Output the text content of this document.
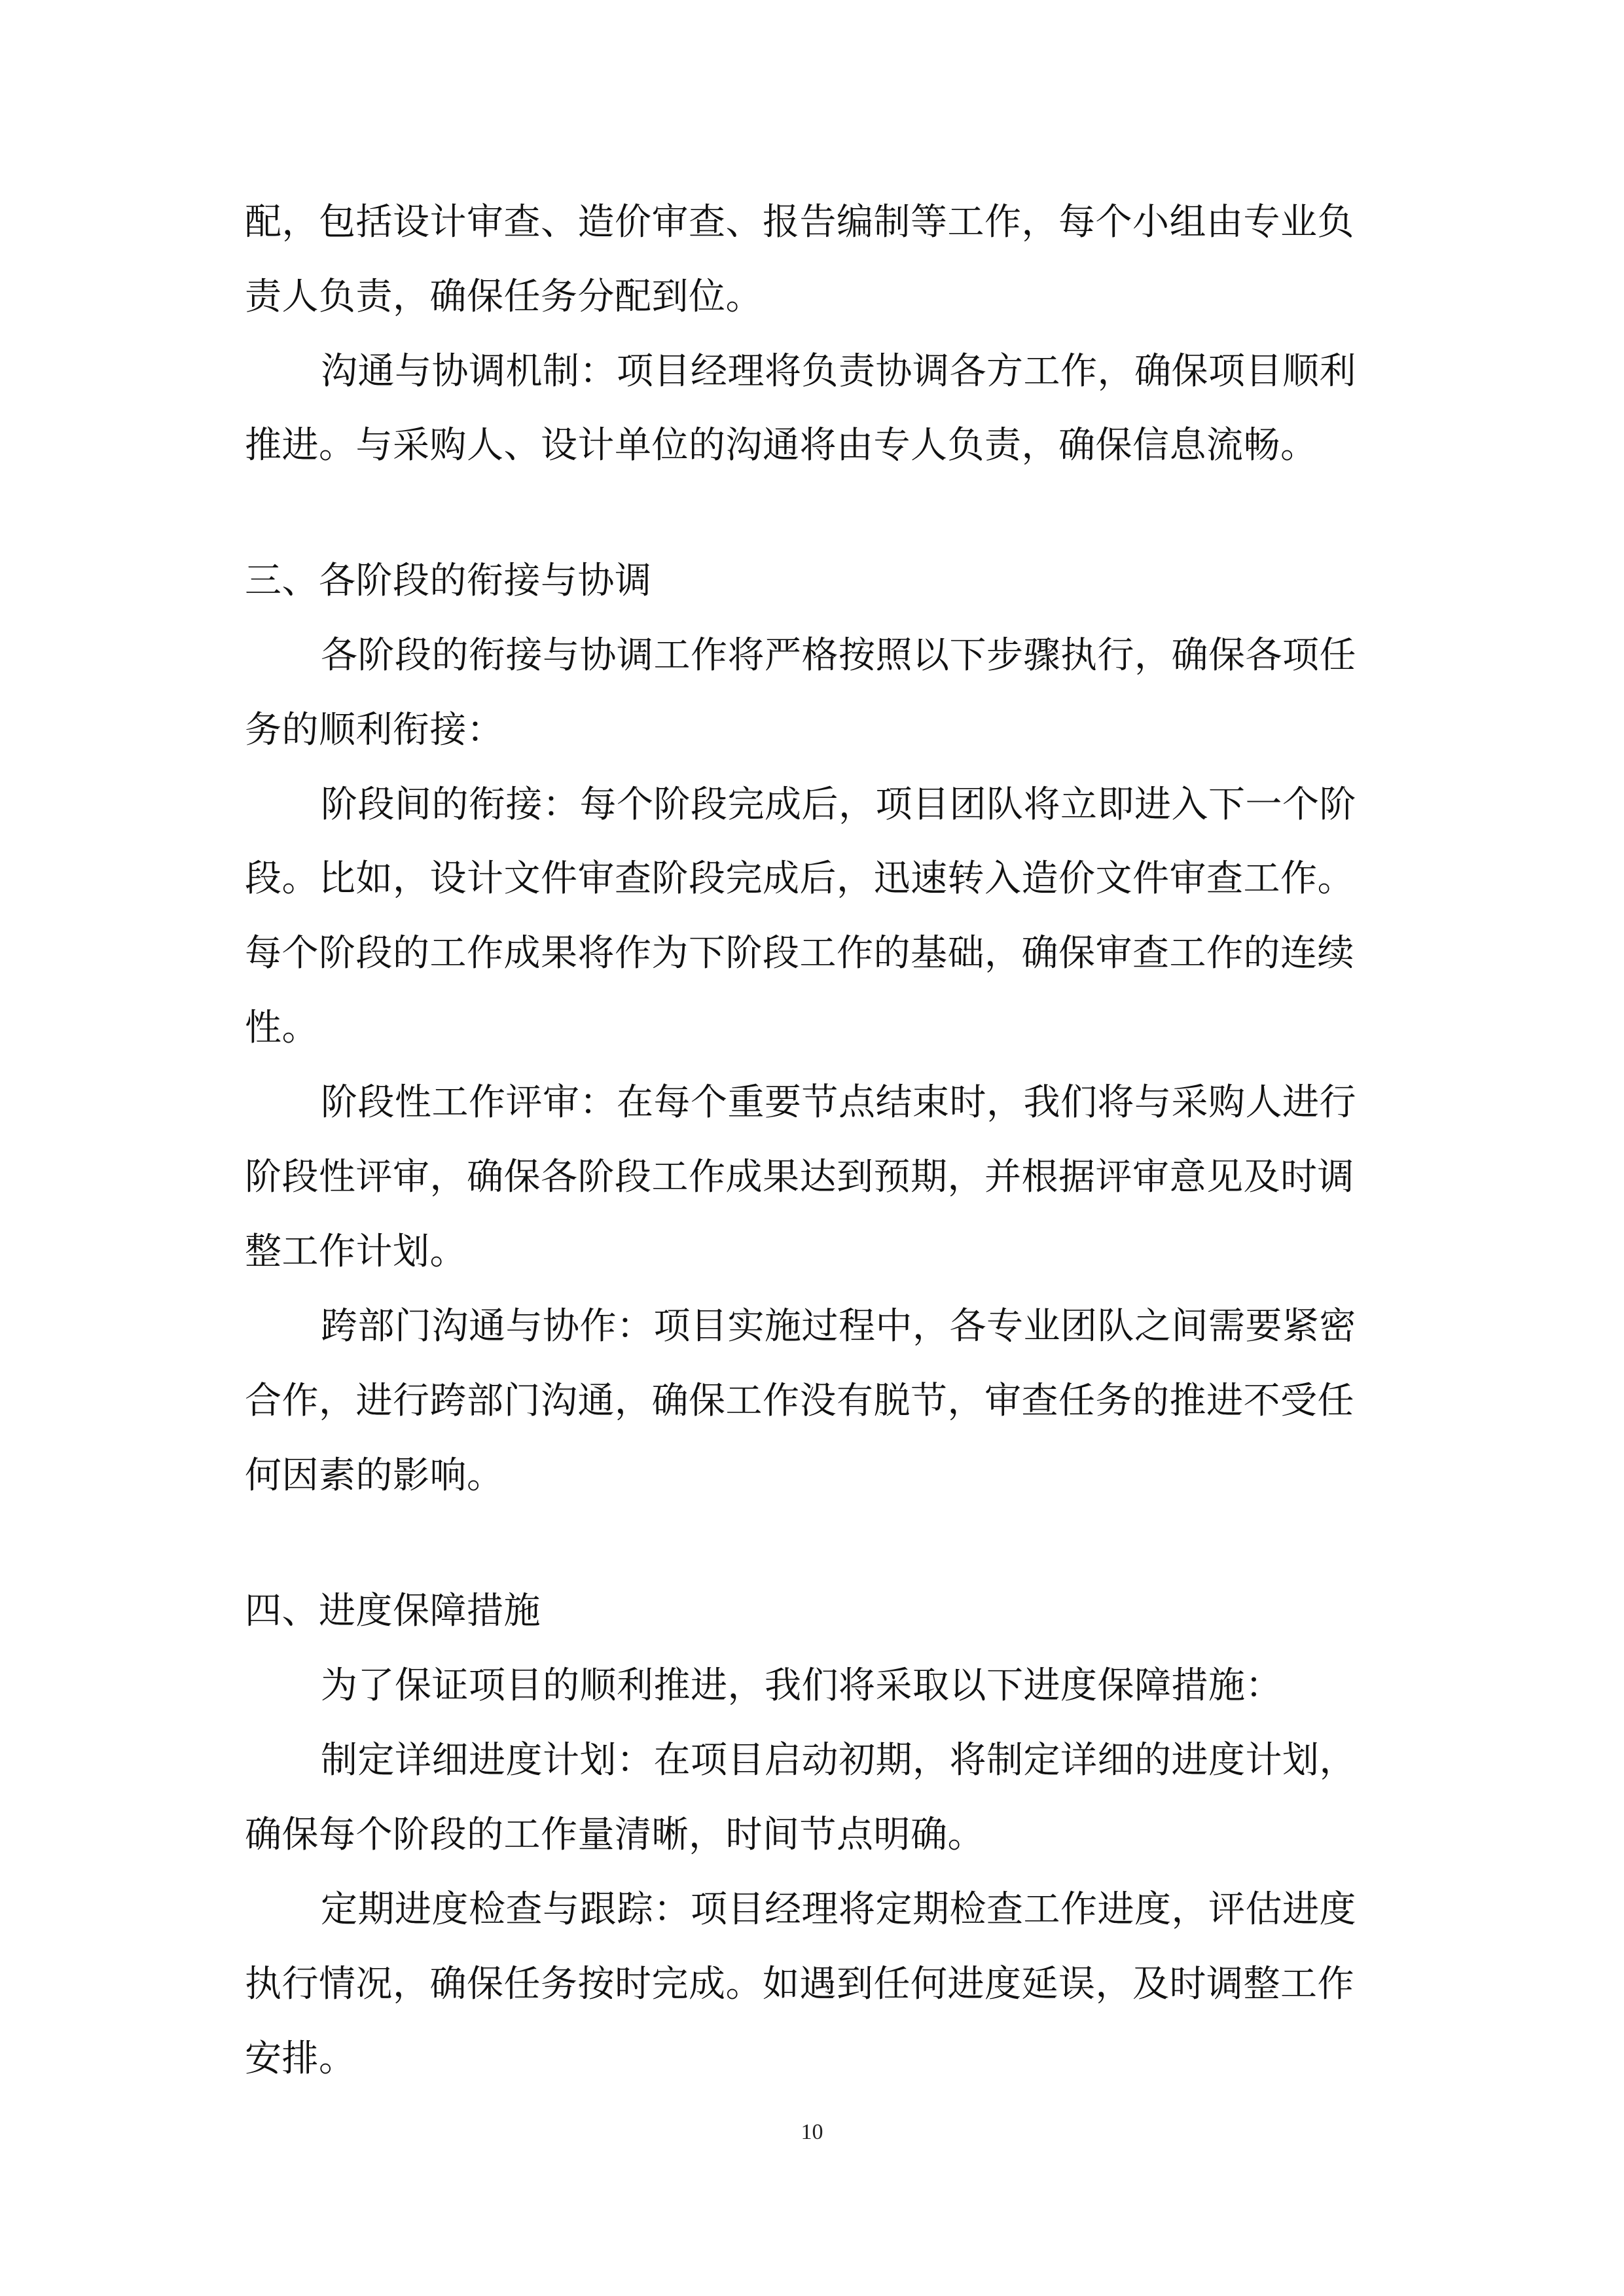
配，包括设计审查、造价审查、报告编制等工作，每个小组由专业负
责人负责，确保任务分配到位。
沟通与协调机制：项目经理将负责协调各方工作，确保项目顺利
推进。与采购人、设计单位的沟通将由专人负责，确保信息流畅。
三、各阶段的衔接与协调
各阶段的衔接与协调工作将严格按照以下步骤执行，确保各项任
务的顺利衔接：
阶段间的衔接：每个阶段完成后，项目团队将立即进入下一个阶
段。比如，设计文件审查阶段完成后，迅速转入造价文件审查工作。
每个阶段的工作成果将作为下阶段工作的基础，确保审查工作的连续
性。
阶段性工作评审：在每个重要节点结束时，我们将与采购人进行
阶段性评审，确保各阶段工作成果达到预期，并根据评审意见及时调
整工作计划。
跨部门沟通与协作：项目实施过程中，各专业团队之间需要紧密
合作，进行跨部门沟通，确保工作没有脱节，审查任务的推进不受任
何因素的影响。
四、进度保障措施
为了保证项目的顺利推进，我们将采取以下进度保障措施：
制定详细进度计划：在项目启动初期，将制定详细的进度计划，
确保每个阶段的工作量清晰，时间节点明确。
定期进度检查与跟踪：项目经理将定期检查工作进度，评估进度
执行情况，确保任务按时完成。如遇到任何进度延误，及时调整工作
安排。
10
